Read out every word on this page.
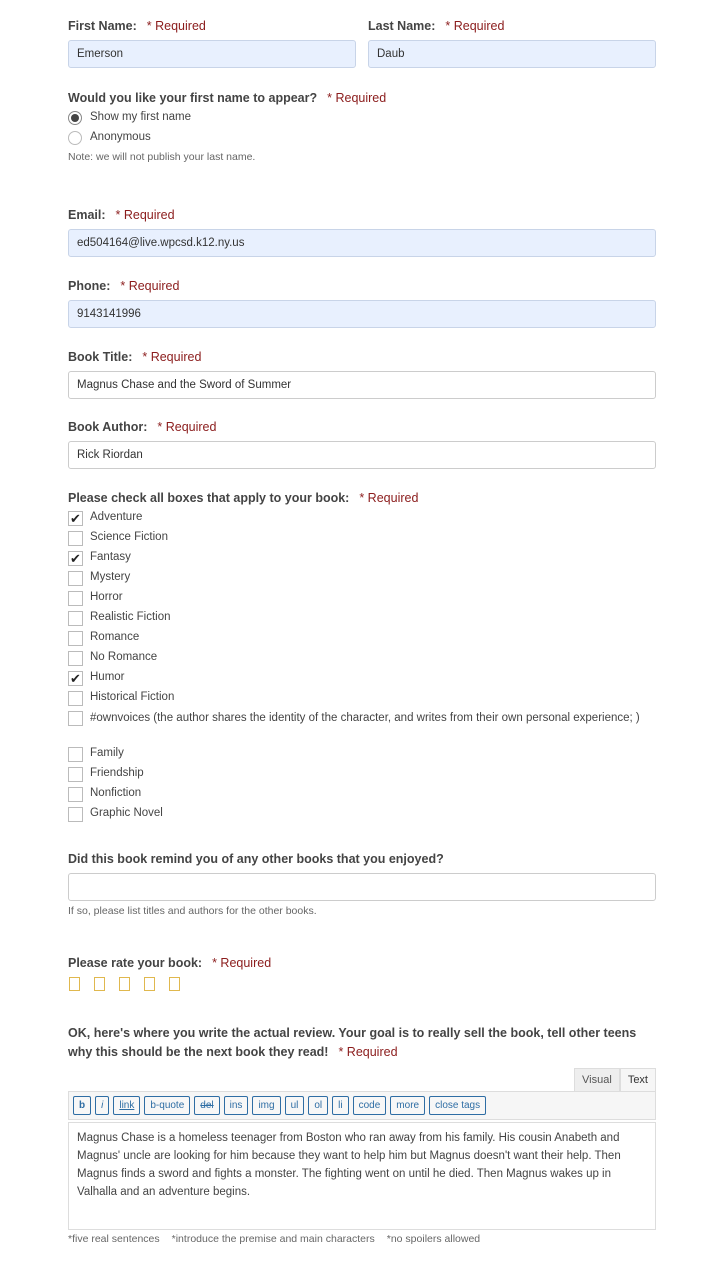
First Name: * Required
Emerson	Last Name: * Required
Daub
Would you like your first name to appear? * Required
Show my first name
Anonymous
Note: we will not publish your last name.
Email: * Required
ed504164@live.wpcsd.k12.ny.us
Phone: * Required
9143141996
Book Title: * Required
Magnus Chase and the Sword of Summer
Book Author: * Required
Rick Riordan
Please check all boxes that apply to your book: * Required
✔ Adventure
Science Fiction
✔ Fantasy
Mystery
Horror
Realistic Fiction
Romance
No Romance
✔ Humor
Historical Fiction
#ownvoices (the author shares the identity of the character, and writes from their own personal experience; )
Family
Friendship
Nonfiction
Graphic Novel
Did this book remind you of any other books that you enjoyed?
If so, please list titles and authors for the other books.
Please rate your book: * Required
OK, here's where you write the actual review. Your goal is to really sell the book, tell other teens why this should be the next book they read! * Required
Visual	Text
b	i	link	b-quote	del	ins	img	ul	ol	li	code	more	close tags
Magnus Chase is a homeless teenager from Boston who ran away from his family. His cousin Anabeth and Magnus' uncle are looking for him because they want to help him but Magnus doesn't want their help. Then Magnus finds a sword and fights a monster. The fighting went on until he died. Then Magnus wakes up in Valhalla and an adventure begins.
*five real sentences *introduce the premise and main characters *no spoilers allowed
